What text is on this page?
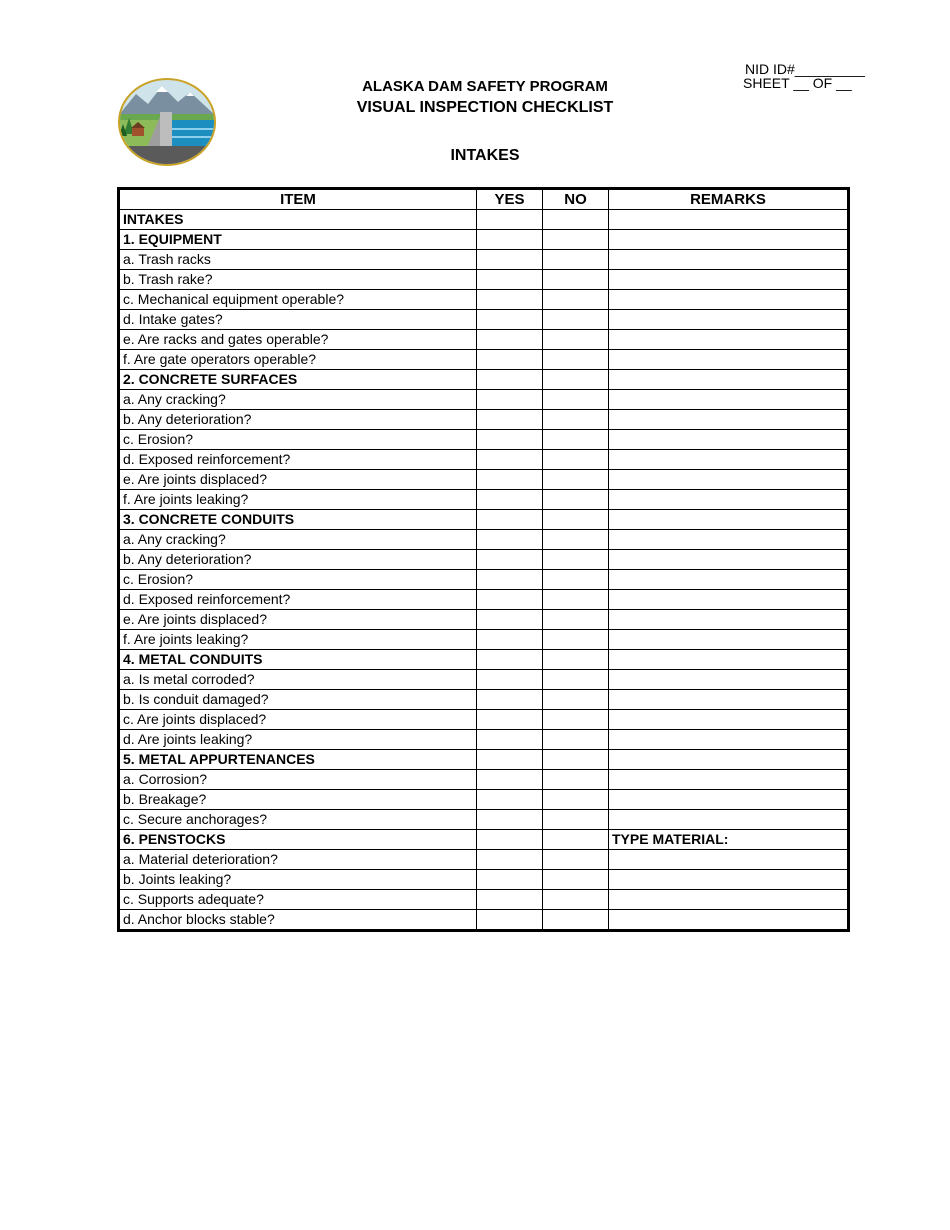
NID ID#_________
SHEET __ OF __
ALASKA DAM SAFETY PROGRAM
VISUAL INSPECTION CHECKLIST
INTAKES
ITEM	YES	NO	REMARKS
INTAKES			
1. EQUIPMENT			
a. Trash racks			
b. Trash rake?			
c. Mechanical equipment operable?			
d. Intake gates?			
e. Are racks and gates operable?			
f. Are gate operators operable?			
2. CONCRETE SURFACES			
a. Any cracking?			
b. Any deterioration?			
c. Erosion?			
d. Exposed reinforcement?			
e. Are joints displaced?			
f. Are joints leaking?			
3. CONCRETE CONDUITS			
a. Any cracking?			
b. Any deterioration?			
c. Erosion?			
d. Exposed reinforcement?			
e. Are joints displaced?			
f. Are joints leaking?			
4. METAL CONDUITS			
a. Is metal corroded?			
b. Is conduit damaged?			
c. Are joints displaced?			
d. Are joints leaking?			
5. METAL APPURTENANCES			
a. Corrosion?			
b. Breakage?			
c. Secure anchorages?			
6. PENSTOCKS			TYPE MATERIAL:
a. Material deterioration?			
b. Joints leaking?			
c. Supports adequate?			
d. Anchor blocks stable?			
